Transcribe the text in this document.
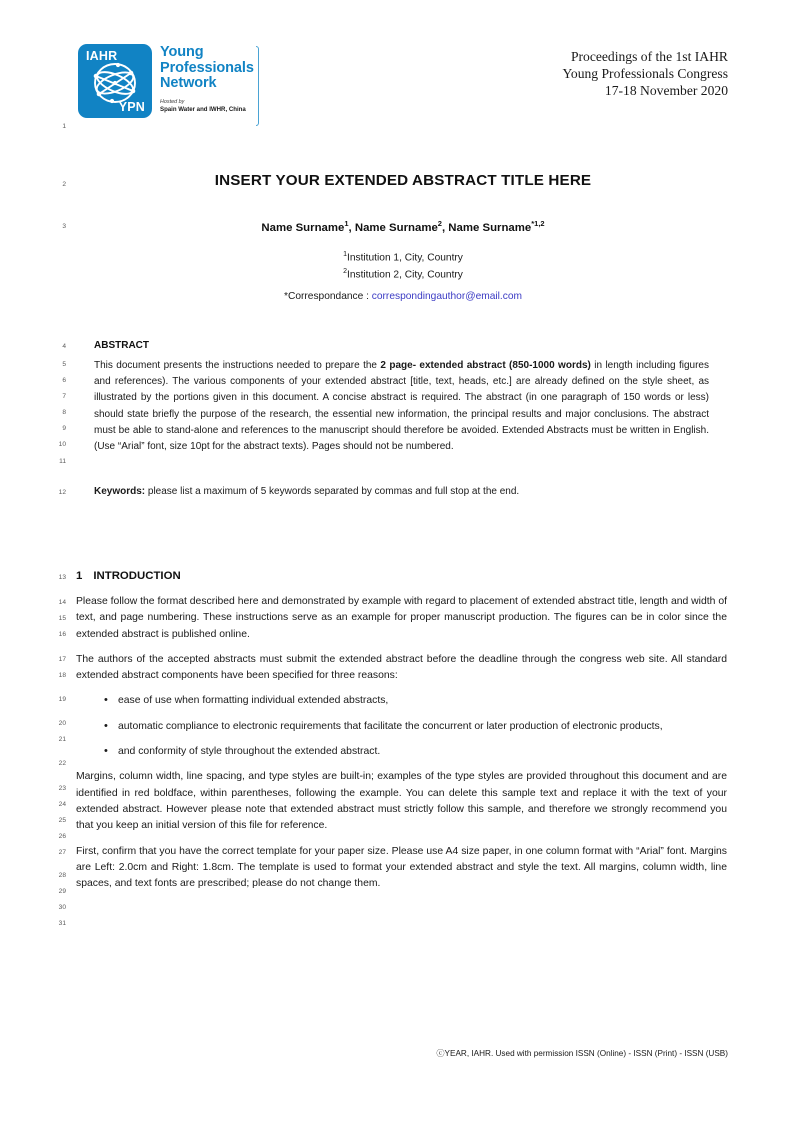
IAHR
YPN
Young
Professionals
Network
Hosted by
Spain Water and IWHR, China
Proceedings of the 1st IAHR
Young Professionals Congress
17-18 November 2020
INSERT YOUR EXTENDED ABSTRACT TITLE HERE
Name Surname$^1$, Name Surname$^2$, Name Surname$^{*1,2}$
$^1$Institution 1, City, Country
$^2$Institution 2, City, Country
*Correspondance : correspondingauthor@email.com
ABSTRACT
This document presents the instructions needed to prepare the 2 page- extended abstract (850-1000 words) in length including figures and references). The various components of your extended abstract [title, text, heads, etc.] are already defined on the style sheet, as illustrated by the portions given in this document. A concise abstract is required. The abstract (in one paragraph of 150 words or less) should state briefly the purpose of the research, the essential new information, the principal results and major conclusions. The abstract must be able to stand-alone and references to the manuscript should therefore be avoided. Extended Abstracts must be written in English. (Use “Arial” font, size 10pt for the abstract texts). Pages should not be numbered.
Keywords: please list a maximum of 5 keywords separated by commas and full stop at the end.
1 INTRODUCTION

Please follow the format described here and demonstrated by example with regard to placement of extended abstract title, length and width of text, and page numbering. These instructions serve as an example for proper manuscript production. The figures can be in color since the extended abstract is published online.

The authors of the accepted abstracts must submit the extended abstract before the deadline through the congress web site. All standard extended abstract components have been specified for three reasons:

• ease of use when formatting individual extended abstracts,
• automatic compliance to electronic requirements that facilitate the concurrent or later production of electronic products,
• and conformity of style throughout the extended abstract.

Margins, column width, line spacing, and type styles are built-in; examples of the type styles are provided throughout this document and are identified in red boldface, within parentheses, following the example. You can delete this sample text and replace it with the text of your extended abstract. However please note that extended abstract must strictly follow this sample, and therefore we strongly recommend you that you keep an initial version of this file for reference.

First, confirm that you have the correct template for your paper size. Please use A4 size paper, in one column format with “Arial” font. Margins are Left: 2.0cm and Right: 1.8cm. The template is used to format your extended abstract and style the text. All margins, column width, line spaces, and text fonts are prescribed; please do not change them.

1
2
3
4
5
6
7
8
9
10
11
12
13
14
15
16
17
18
19
20
21
22
23
24
25
26
27
28
29
30
31
ⓒYEAR, IAHR. Used with permission ISSN (Online) - ISSN (Print) - ISSN (USB)
